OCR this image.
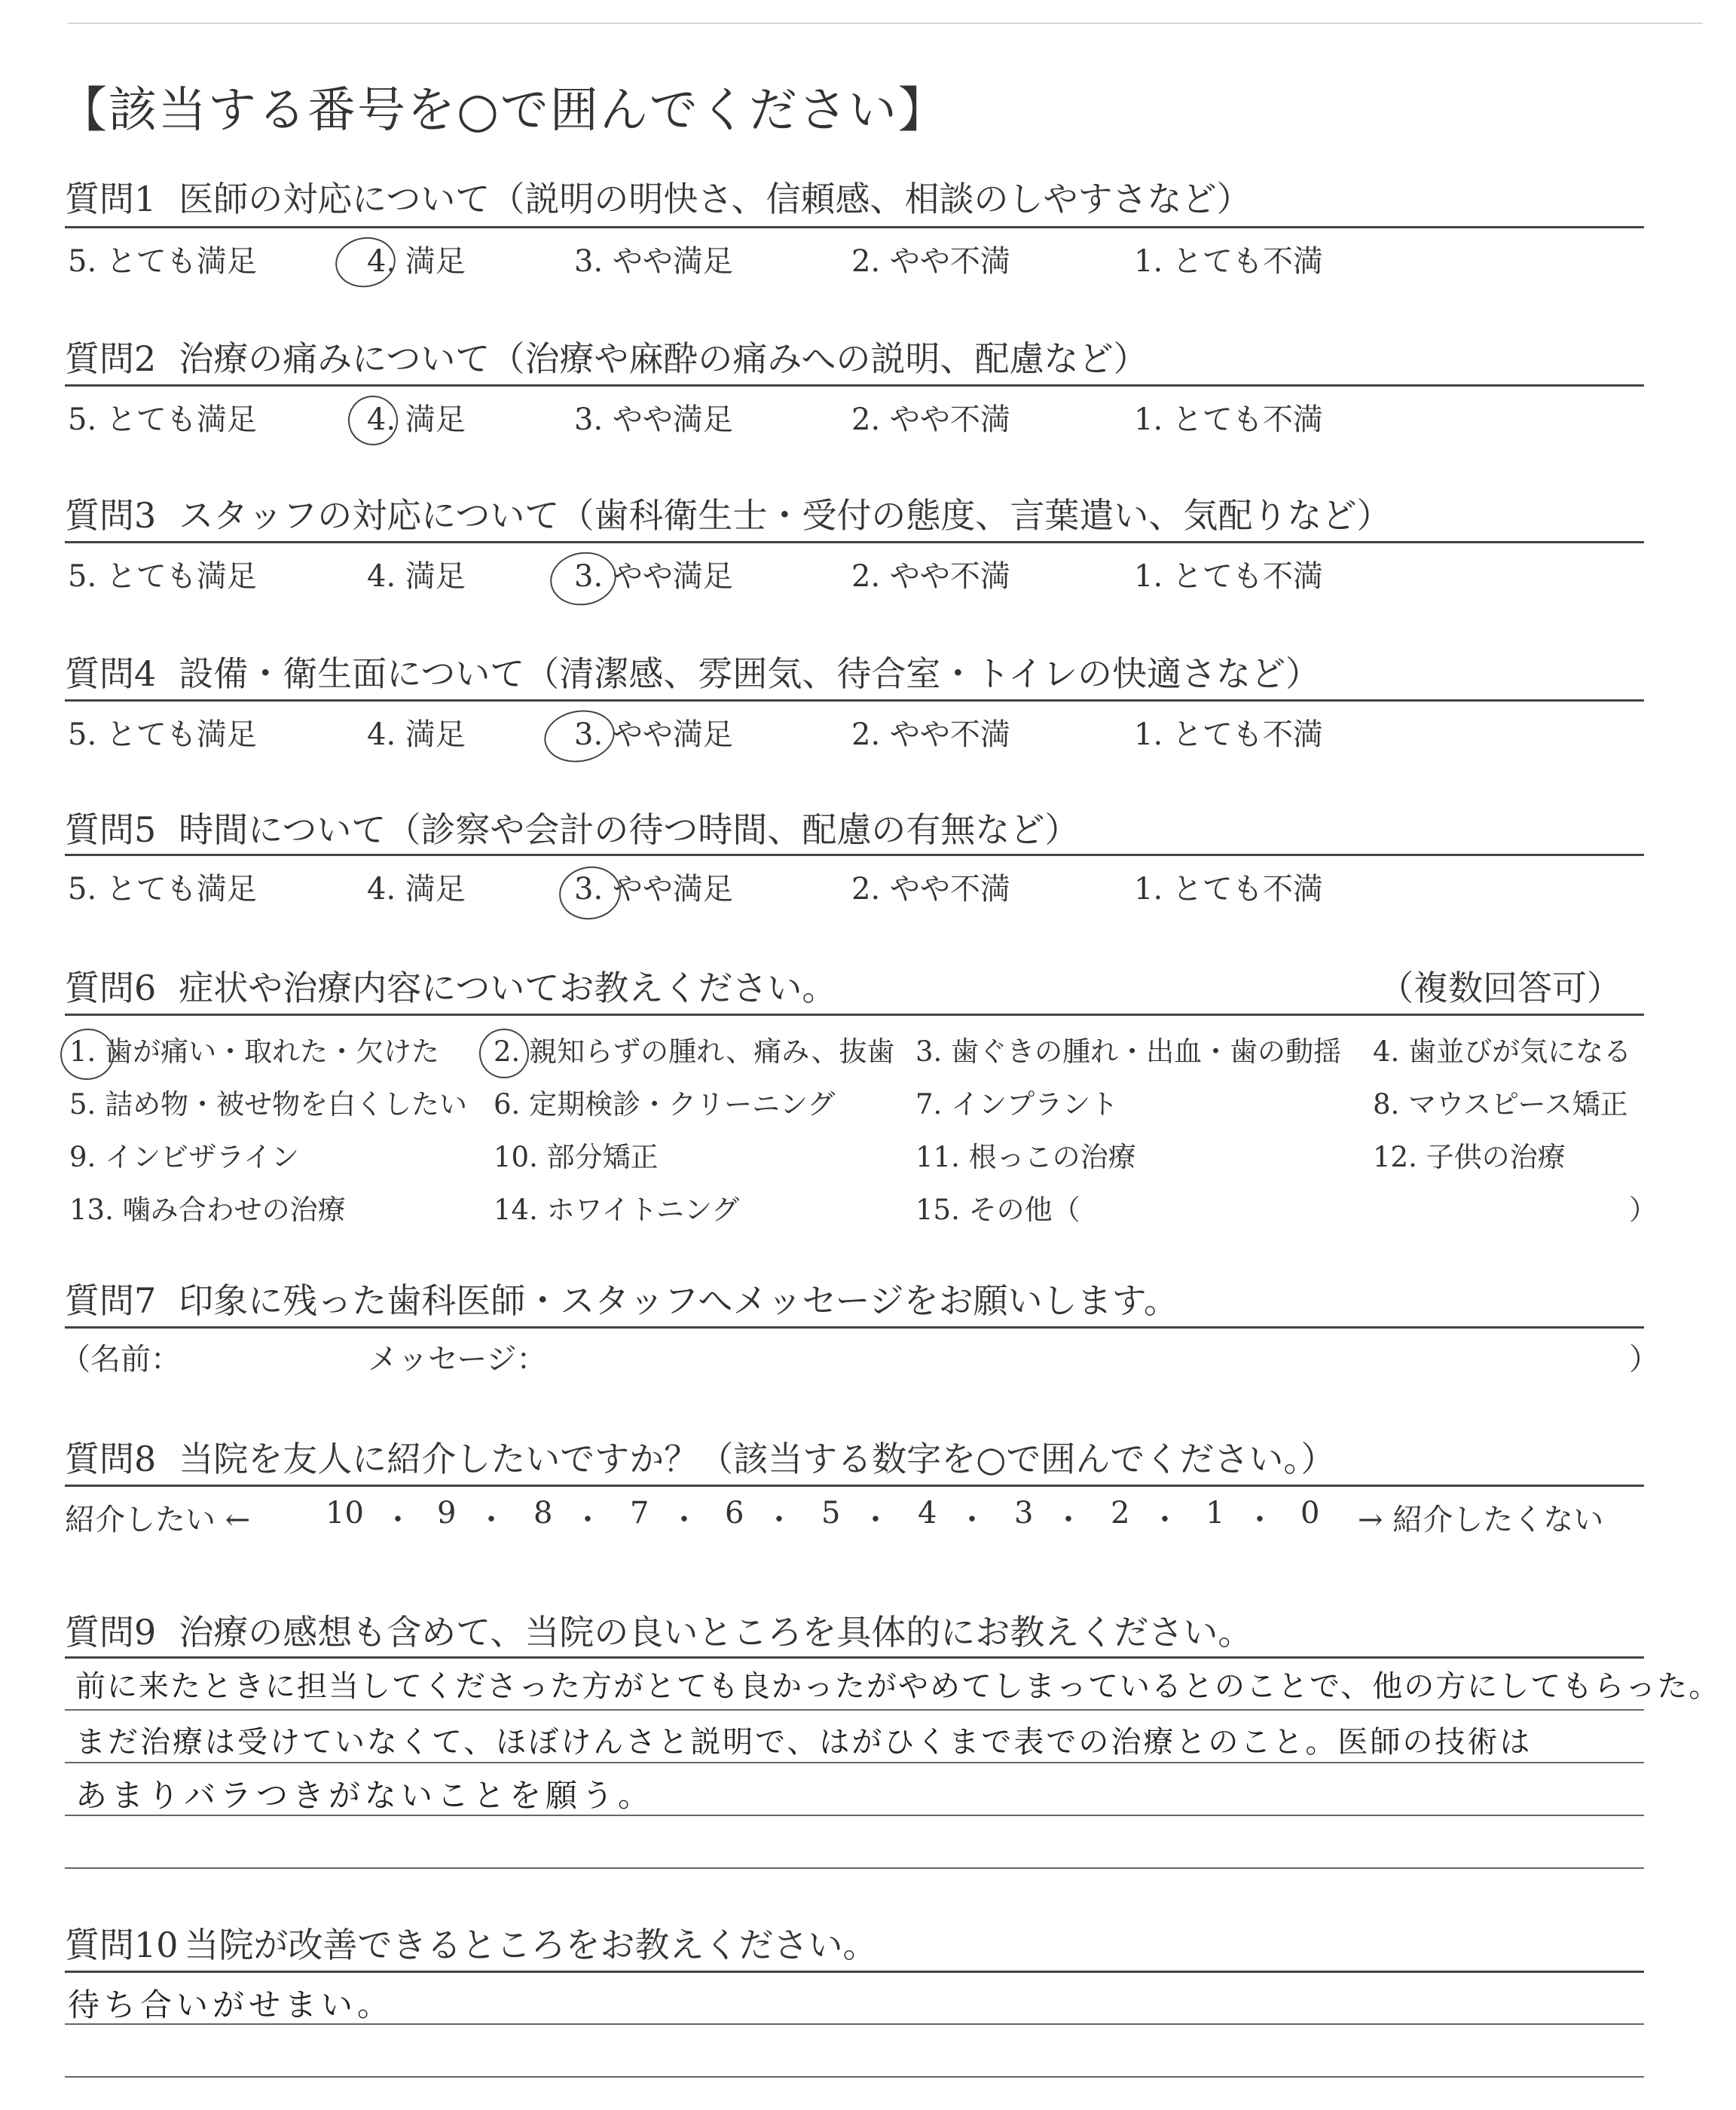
【該当する番号を○で囲んでください】
質問1 医師の対応について（説明の明快さ、信頼感、相談のしやすさなど）
5. とても満足	4. 満足	3. やや満足	2. やや不満	1. とても不満
質問2 治療の痛みについて（治療や麻酔の痛みへの説明、配慮など）
5. とても満足	4. 満足	3. やや満足	2. やや不満	1. とても不満
質問3 スタッフの対応について（歯科衛生士・受付の態度、言葉遣い、気配りなど）
5. とても満足	4. 満足	3. やや満足	2. やや不満	1. とても不満
質問4 設備・衛生面について（清潔感、雰囲気、待合室・トイレの快適さなど）
5. とても満足	4. 満足	3. やや満足	2. やや不満	1. とても不満
質問5 時間について（診察や会計の待つ時間、配慮の有無など）
5. とても満足	4. 満足	3. やや満足	2. やや不満	1. とても不満
質問6 症状や治療内容についてお教えください。	（複数回答可）
1. 歯が痛い・取れた・欠けた 2. 親知らずの腫れ、痛み、抜歯 3. 歯ぐきの腫れ・出血・歯の動揺 4. 歯並びが気になる
5. 詰め物・被せ物を白くしたい 6. 定期検診・クリーニング	7. インプラント	8. マウスピース矯正
9. インビザライン	10. 部分矯正	11. 根っこの治療	12. 子供の治療
13. 噛み合わせの治療	14. ホワイトニング	15. その他（	）
質問7 印象に残った歯科医師・スタッフへメッセージをお願いします。
（名前：	メッセージ：	）
質問8 当院を友人に紹介したいですか？（該当する数字を○で囲んでください。）
紹介したい ←	→ 紹介したくない
10 ・ 9 ・ 8 ・ 7 ・ 6 ・ 5 ・ 4 ・ 3 ・ 2 ・ 1 ・ 0
質問9 治療の感想も含めて、当院の良いところを具体的にお教えください。
前に来たときに担当してくださった方がとても良かったがやめてしまっているとのことで、他の方にしてもらった。
まだ治療は受けていなくて、ほぼけんさと説明で、はがひくまで表での治療とのこと。医師の技術は
あまりバラつきがないことを願う。
質問10 当院が改善できるところをお教えください。
待ち合いがせまい。
